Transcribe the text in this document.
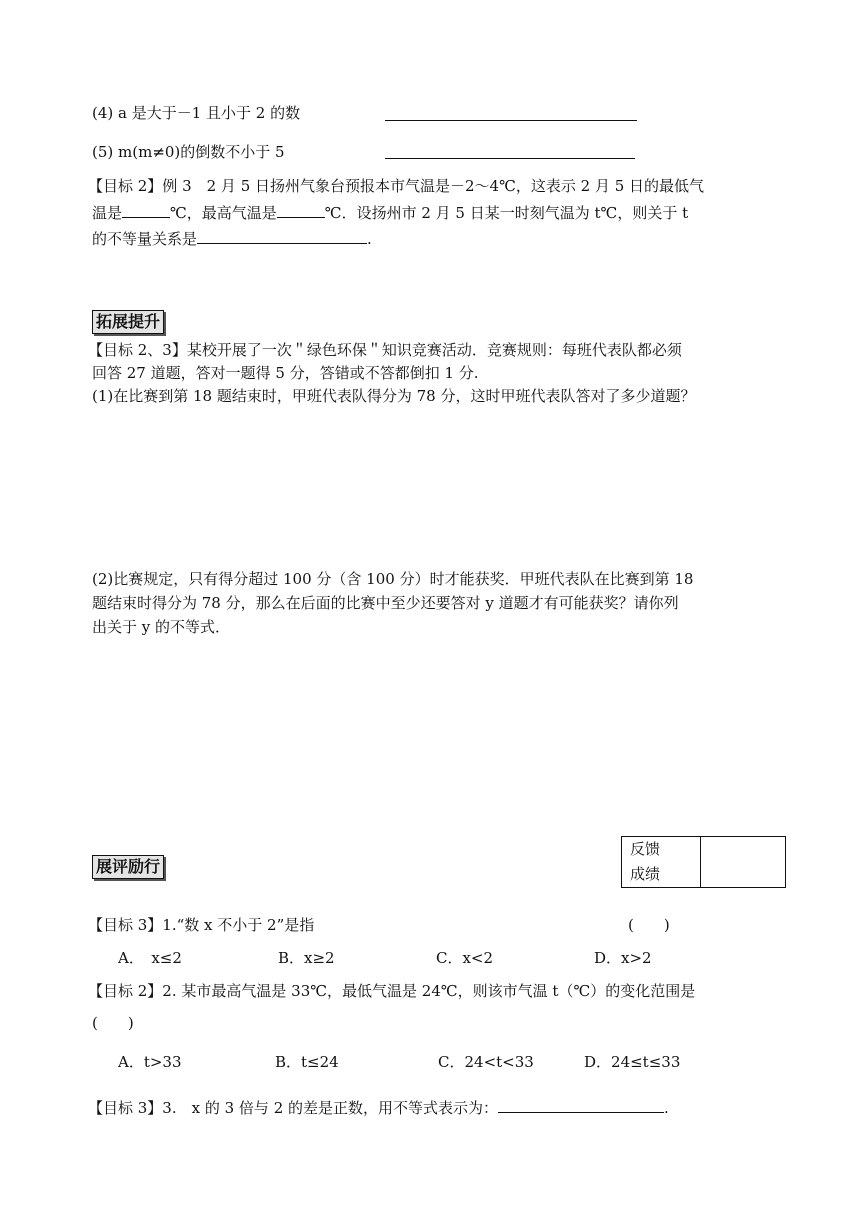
(4) a 是大于－1 且小于 2 的数
(5) m(m≠0)的倒数不小于 5
【目标 2】例 3　2 月 5 日扬州气象台预报本市气温是－2～4℃，这表示 2 月 5 日的最低气
温是	℃，最高气温是	℃．设扬州市 2 月 5 日某一时刻气温为 t℃，则关于 t
的不等量关系是	.
拓展提升
【目标 2、3】某校开展了一次＂绿色环保＂知识竞赛活动．竞赛规则：每班代表队都必须
回答 27 道题，答对一题得 5 分，答错或不答都倒扣 1 分.
(1)在比赛到第 18 题结束时，甲班代表队得分为 78 分，这时甲班代表队答对了多少道题？
(2)比赛规定，只有得分超过 100 分（含 100 分）时才能获奖．甲班代表队在比赛到第 18
题结束时得分为 78 分，那么在后面的比赛中至少还要答对 y 道题才有可能获奖？请你列
出关于 y 的不等式．
展评励行
反馈
成绩

【目标 3】1.“数 x 不小于 2”是指	(　　)
A．　x≤2	B．x≥2	C．x<2	D．x>2
【目标 2】2. 某市最高气温是 33℃，最低气温是 24℃，则该市气温 t（℃）的变化范围是
(　　)
A．t>33	B．t≤24	C．24<t<33	D．24≤t≤33
【目标 3】3.　x 的 3 倍与 2 的差是正数，用不等式表示为：	.
